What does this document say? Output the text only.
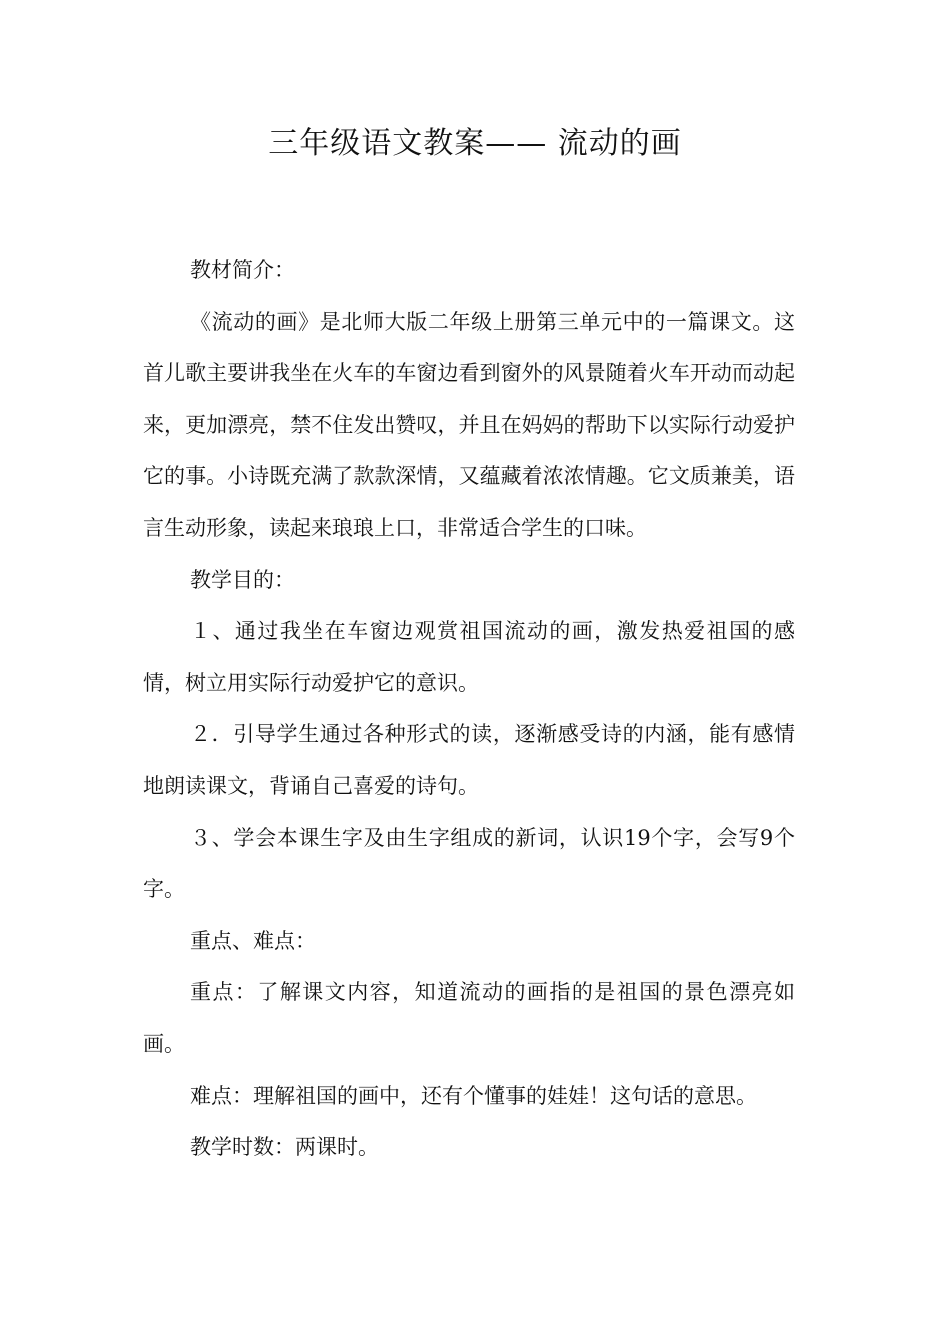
三年级语文教案—— 流动的画

教材简介：

《流动的画》是北师大版二年级上册第三单元中的一篇课文。这首儿歌主要讲我坐在火车的车窗边看到窗外的风景随着火车开动而动起来，更加漂亮，禁不住发出赞叹，并且在妈妈的帮助下以实际行动爱护它的事。小诗既充满了款款深情，又蕴藏着浓浓情趣。它文质兼美，语言生动形象，读起来琅琅上口，非常适合学生的口味。

教学目的：

１、通过我坐在车窗边观赏祖国流动的画，激发热爱祖国的感情，树立用实际行动爱护它的意识。

２．引导学生通过各种形式的读，逐渐感受诗的内涵，能有感情地朗读课文，背诵自己喜爱的诗句。

３、学会本课生字及由生字组成的新词，认识19个字，会写9个字。

重点、难点：

重点：了解课文内容，知道流动的画指的是祖国的景色漂亮如画。

难点：理解祖国的画中，还有个懂事的娃娃！这句话的意思。

教学时数：两课时。
